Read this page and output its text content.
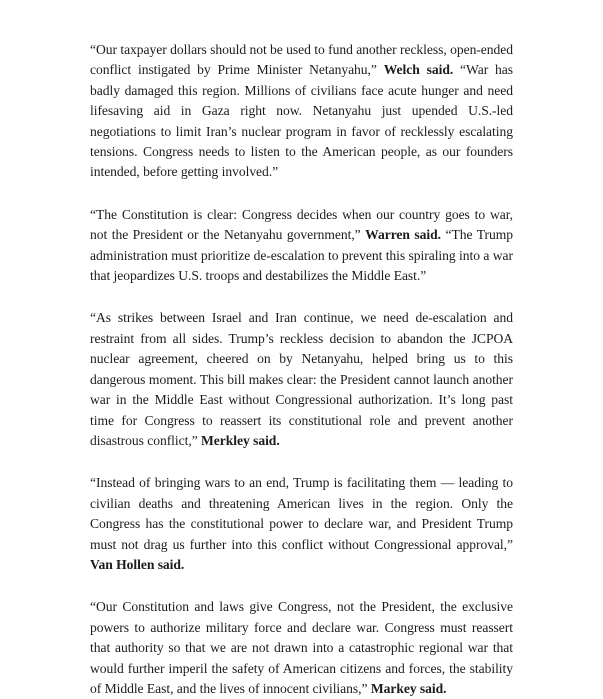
“Our taxpayer dollars should not be used to fund another reckless, open-ended conflict instigated by Prime Minister Netanyahu,” Welch said. “War has badly damaged this region. Millions of civilians face acute hunger and need lifesaving aid in Gaza right now. Netanyahu just upended U.S.-led negotiations to limit Iran’s nuclear program in favor of recklessly escalating tensions. Congress needs to listen to the American people, as our founders intended, before getting involved.”

“The Constitution is clear: Congress decides when our country goes to war, not the President or the Netanyahu government,” Warren said. “The Trump administration must prioritize de-escalation to prevent this spiraling into a war that jeopardizes U.S. troops and destabilizes the Middle East.”

“As strikes between Israel and Iran continue, we need de-escalation and restraint from all sides. Trump’s reckless decision to abandon the JCPOA nuclear agreement, cheered on by Netanyahu, helped bring us to this dangerous moment. This bill makes clear: the President cannot launch another war in the Middle East without Congressional authorization. It’s long past time for Congress to reassert its constitutional role and prevent another disastrous conflict,” Merkley said.

“Instead of bringing wars to an end, Trump is facilitating them — leading to civilian deaths and threatening American lives in the region. Only the Congress has the constitutional power to declare war, and President Trump must not drag us further into this conflict without Congressional approval,” Van Hollen said.

“Our Constitution and laws give Congress, not the President, the exclusive powers to authorize military force and declare war. Congress must reassert that authority so that we are not drawn into a catastrophic regional war that would further imperil the safety of American citizens and forces, the stability of Middle East, and the lives of innocent civilians,” Markey said.
